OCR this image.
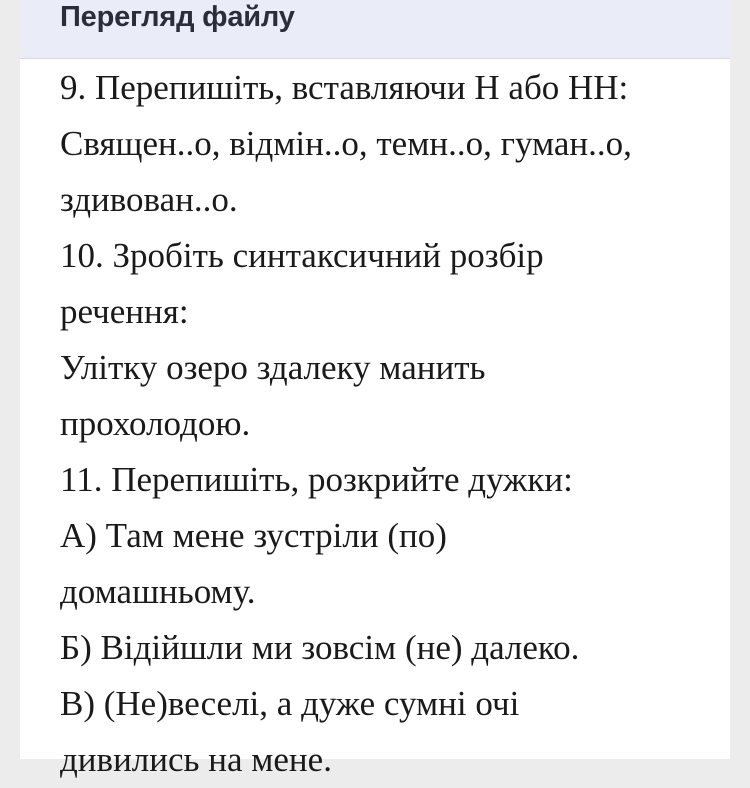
Перегляд файлу
9. Перепишіть, вставляючи Н або НН:
Священ..о, відмін..о, темн..о, гуман..о,
здивован..о.
10. Зробіть синтаксичний розбір
речення:
Улітку озеро здалеку манить
прохолодою.
11. Перепишіть, розкрийте дужки:
А) Там мене зустріли (по)
домашньому.
Б) Відійшли ми зовсім (не) далеко.
В) (Не)веселі, а дуже сумні очі
дивились на мене.
